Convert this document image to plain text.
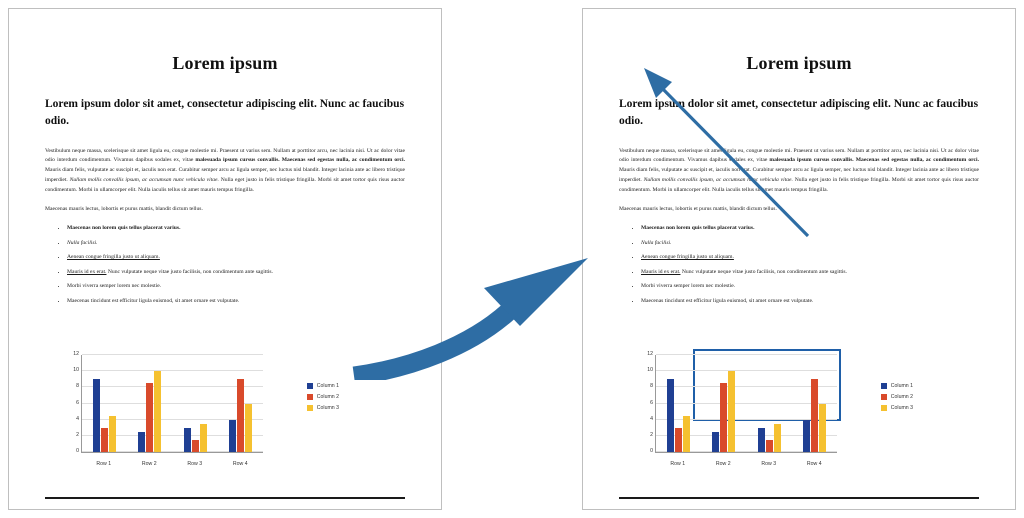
Lorem ipsum
Lorem ipsum dolor sit amet, consectetur adipiscing elit. Nunc ac faucibus odio.

Vestibulum neque massa, scelerisque sit amet ligula eu, congue molestie mi. Praesent ut varius sem. Nullam at porttitor arcu, nec lacinia nisi. Ut ac dolor vitae odio interdum condimentum. Vivamus dapibus sodales ex, vitae malesuada ipsum cursus convallis. Maecenas sed egestas nulla, ac condimentum orci. Mauris diam felis, vulputate ac suscipit et, iaculis non erat. Curabitur semper arcu ac ligula semper, nec luctus nisl blandit. Integer lacinia ante ac libero tristique imperdiet. Nullam mollis convallis ipsum, ac accumsan nunc vehicula vitae. Nulla eget justo in felis tristique fringilla. Morbi sit amet tortor quis risus auctor condimentum. Morbi in ullamcorper elit. Nulla iaculis tellus sit amet mauris tempus fringilla.

Maecenas mauris lectus, lobortis et purus mattis, blandit dictum tellus.

• Maecenas non lorem quis tellus placerat varius.
• Nulla facilisi.
• Aenean congue fringilla justo ut aliquam.
• Mauris id ex erat. Nunc vulputate neque vitae justo facilisis, non condimentum ante sagittis.
• Morbi viverra semper lorem nec molestie.
• Maecenas tincidunt est efficitur ligula euismod, sit amet ornare est vulputate.
0
2
4
6
8
10
12
Row 1	Row 2	Row 3	Row 4
Column 1
Column 2
Column 3
Lorem ipsum
Lorem ipsum dolor sit amet, consectetur adipiscing elit. Nunc ac faucibus odio.

Vestibulum neque massa, scelerisque sit amet ligula eu, congue molestie mi. Praesent ut varius sem. Nullam at porttitor arcu, nec lacinia nisi. Ut ac dolor vitae odio interdum condimentum. Vivamus dapibus sodales ex, vitae malesuada ipsum cursus convallis. Maecenas sed egestas nulla, ac condimentum orci. Mauris diam felis, vulputate ac suscipit et, iaculis non erat. Curabitur semper arcu ac ligula semper, nec luctus nisl blandit. Integer lacinia ante ac libero tristique imperdiet. Nullam mollis convallis ipsum, ac accumsan nunc vehicula vitae. Nulla eget justo in felis tristique fringilla. Morbi sit amet tortor quis risus auctor condimentum. Morbi in ullamcorper elit. Nulla iaculis tellus sit amet mauris tempus fringilla.

Maecenas mauris lectus, lobortis et purus mattis, blandit dictum tellus.

• Maecenas non lorem quis tellus placerat varius.
• Nulla facilisi.
• Aenean congue fringilla justo ut aliquam.
• Mauris id ex erat. Nunc vulputate neque vitae justo facilisis, non condimentum ante sagittis.
• Morbi viverra semper lorem nec molestie.
• Maecenas tincidunt est efficitur ligula euismod, sit amet ornare est vulputate.
0
2
4
6
8
10
12
Row 1	Row 2	Row 3	Row 4
Column 1
Column 2
Column 3
